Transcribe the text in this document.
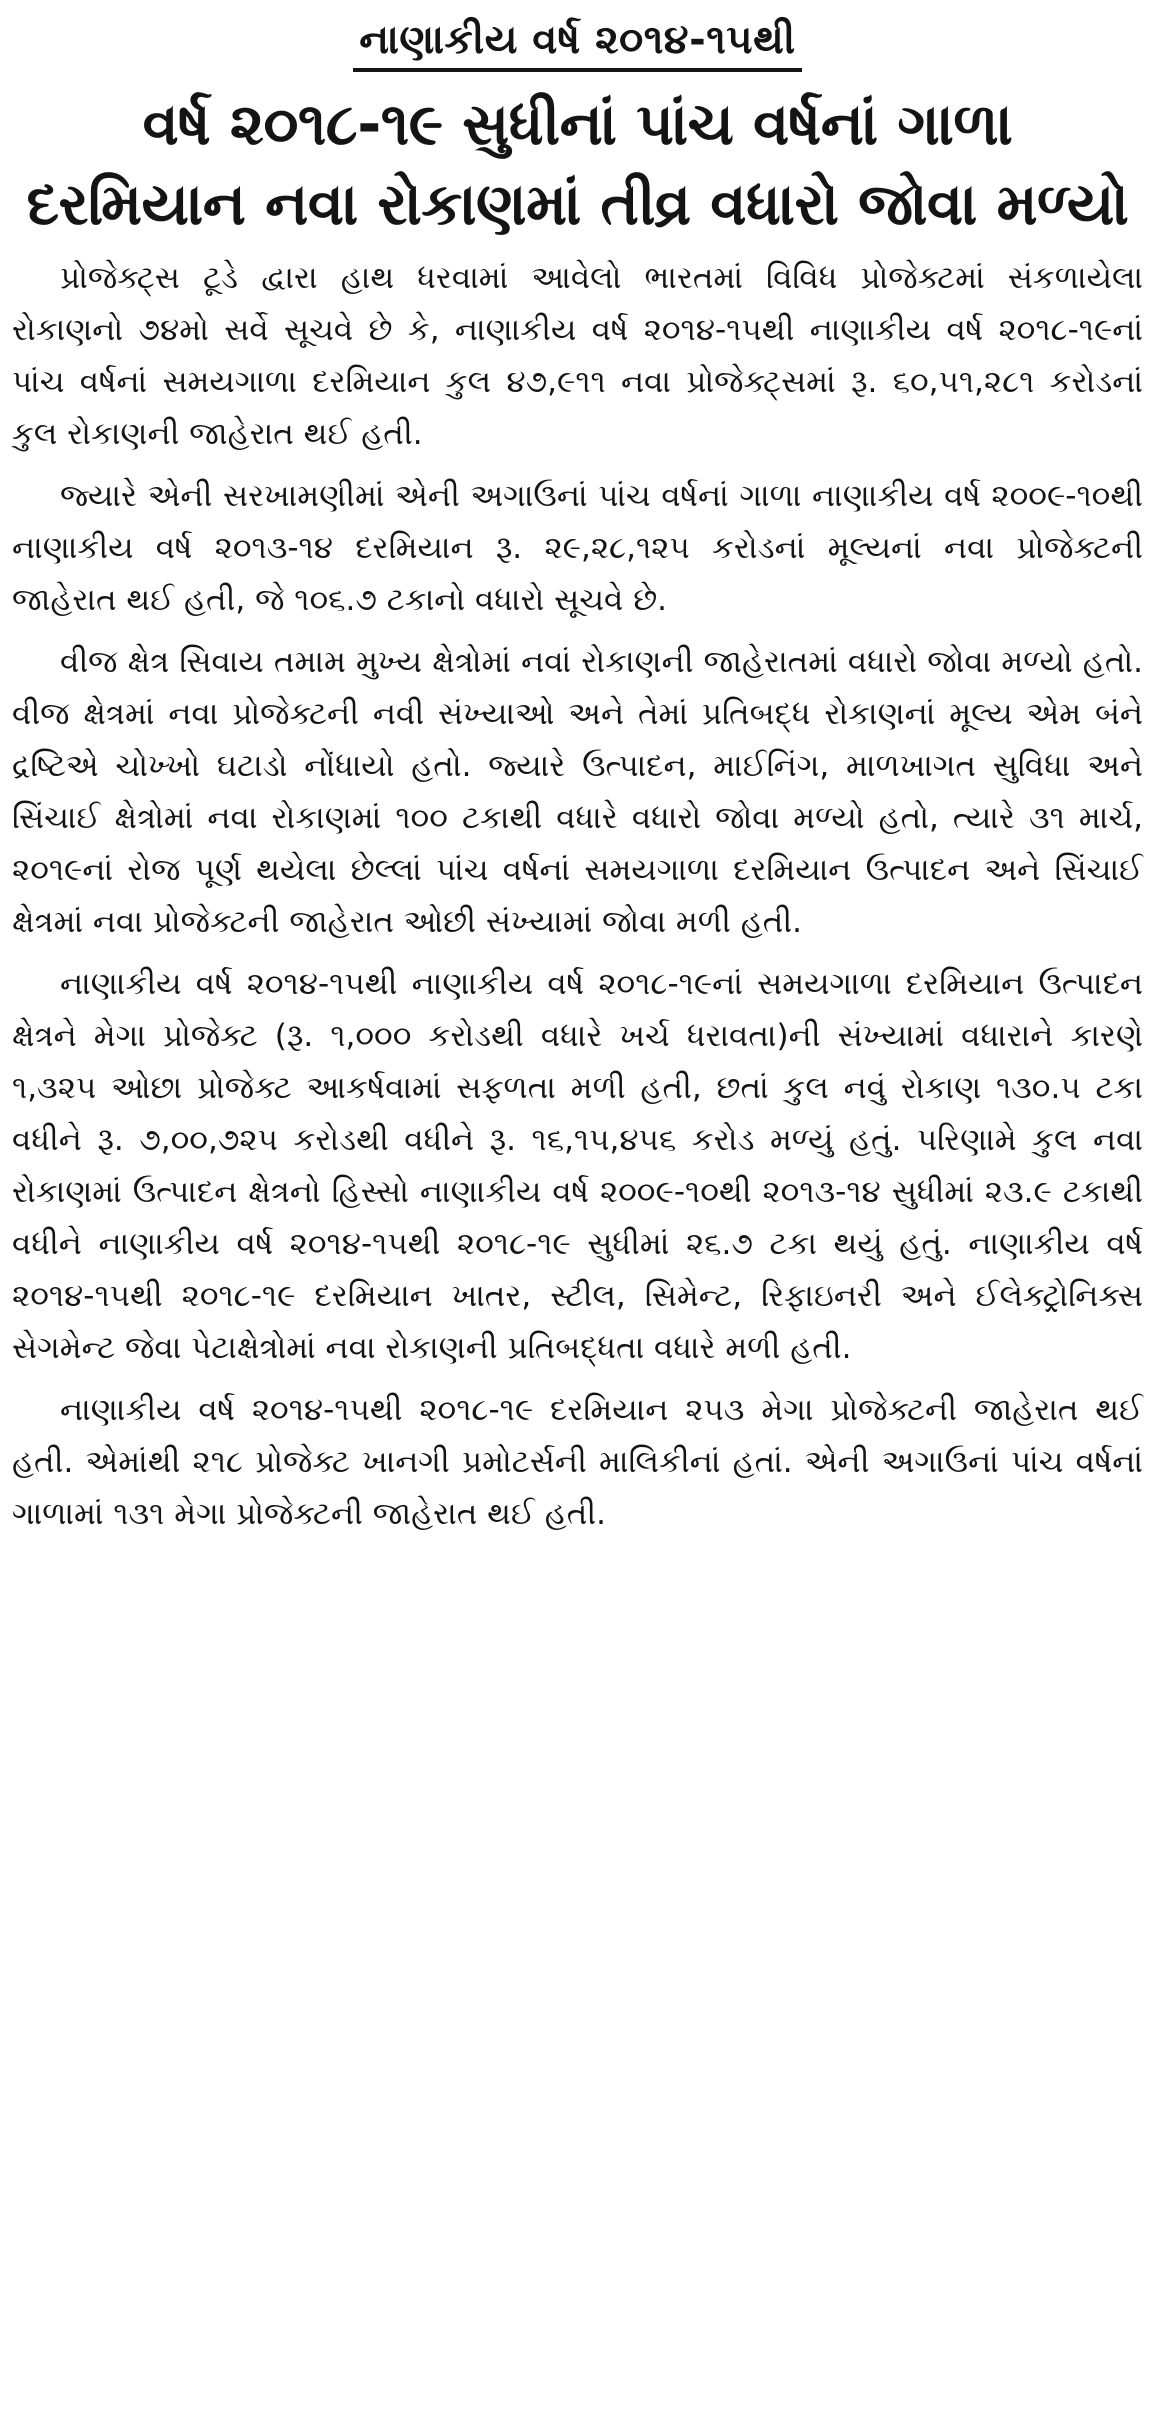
નાણાકીય વર્ષ ૨૦૧૪-૧૫થી
વર્ષ ૨૦૧૮-૧૯ સુધીનાં પાંચ વર્ષનાં ગાળા
દરમિયાન નવા રોકાણમાં તીવ્ર વધારો જોવા મળ્યો

પ્રોજેક્ટ્સ ટૂડે દ્વારા હાથ ધરવામાં આવેલો ભારતમાં વિવિધ પ્રોજેક્ટમાં સંકળાયેલા રોકાણનો ૭૪મો સર્વે સૂચવે છે કે, નાણાકીય વર્ષ ૨૦૧૪-૧૫થી નાણાકીય વર્ષ ૨૦૧૮-૧૯નાં પાંચ વર્ષનાં સમયગાળા દરમિયાન કુલ ૪૭,૯૧૧ નવા પ્રોજેક્ટ્સમાં રૂ. ૬૦,૫૧,૨૮૧ કરોડનાં કુલ રોકાણની જાહેરાત થઈ હતી.

જ્યારે એની સરખામણીમાં એની અગાઉનાં પાંચ વર્ષનાં ગાળા નાણાકીય વર્ષ ૨૦૦૯-૧૦થી નાણાકીય વર્ષ ૨૦૧૩-૧૪ દરમિયાન રૂ. ૨૯,૨૮,૧૨૫ કરોડનાં મૂલ્યનાં નવા પ્રોજેક્ટની જાહેરાત થઈ હતી, જે ૧૦૬.૭ ટકાનો વધારો સૂચવે છે.

વીજ ક્ષેત્ર સિવાય તમામ મુખ્ય ક્ષેત્રોમાં નવાં રોકાણની જાહેરાતમાં વધારો જોવા મળ્યો હતો. વીજ ક્ષેત્રમાં નવા પ્રોજેક્ટની નવી સંખ્યાઓ અને તેમાં પ્રતિબદ્ધ રોકાણનાં મૂલ્ય એમ બંને દ્રષ્ટિએ ચોખ્ખો ઘટાડો નોંધાયો હતો. જ્યારે ઉત્પાદન, માઈનિંગ, માળખાગત સુવિધા અને સિંચાઈ ક્ષેત્રોમાં નવા રોકાણમાં ૧૦૦ ટકાથી વધારે વધારો જોવા મળ્યો હતો, ત્યારે ૩૧ માર્ચ, ૨૦૧૯નાં રોજ પૂર્ણ થયેલા છેલ્લાં પાંચ વર્ષનાં સમયગાળા દરમિયાન ઉત્પાદન અને સિંચાઈ ક્ષેત્રમાં નવા પ્રોજેક્ટની જાહેરાત ઓછી સંખ્યામાં જોવા મળી હતી.

નાણાકીય વર્ષ ૨૦૧૪-૧૫થી નાણાકીય વર્ષ ૨૦૧૮-૧૯નાં સમયગાળા દરમિયાન ઉત્પાદન ક્ષેત્રને મેગા પ્રોજેક્ટ (રૂ. ૧,૦૦૦ કરોડથી વધારે ખર્ચ ધરાવતા)ની સંખ્યામાં વધારાને કારણે ૧,૩૨૫ ઓછા પ્રોજેક્ટ આકર્ષવામાં સફળતા મળી હતી, છતાં કુલ નવું રોકાણ ૧૩૦.૫ ટકા વધીને રૂ. ૭,૦૦,૭૨૫ કરોડથી વધીને રૂ. ૧૬,૧૫,૪૫૬ કરોડ મળ્યું હતું. પરિણામે કુલ નવા રોકાણમાં ઉત્પાદન ક્ષેત્રનો હિસ્સો નાણાકીય વર્ષ ૨૦૦૯-૧૦થી ૨૦૧૩-૧૪ સુધીમાં ૨૩.૯ ટકાથી વધીને નાણાકીય વર્ષ ૨૦૧૪-૧૫થી ૨૦૧૮-૧૯ સુધીમાં ૨૬.૭ ટકા થયું હતું. નાણાકીય વર્ષ ૨૦૧૪-૧૫થી ૨૦૧૮-૧૯ દરમિયાન ખાતર, સ્ટીલ, સિમેન્ટ, રિફાઇનરી અને ઈલેક્ટ્રોનિક્સ સેગમેન્ટ જેવા પેટાક્ષેત્રોમાં નવા રોકાણની પ્રતિબદ્ધતા વધારે મળી હતી.

નાણાકીય વર્ષ ૨૦૧૪-૧૫થી ૨૦૧૮-૧૯ દરમિયાન ૨૫૩ મેગા પ્રોજેક્ટની જાહેરાત થઈ હતી. એમાંથી ૨૧૮ પ્રોજેક્ટ ખાનગી પ્રમોટર્સની માલિકીનાં હતાં. એની અગાઉનાં પાંચ વર્ષનાં ગાળામાં ૧૩૧ મેગા પ્રોજેક્ટની જાહેરાત થઈ હતી.
